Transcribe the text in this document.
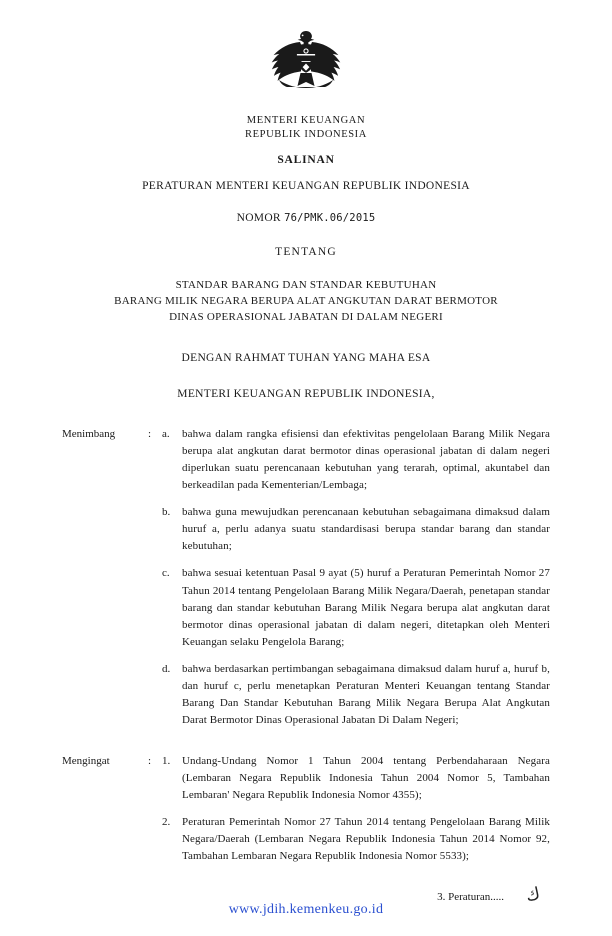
MENTERI KEUANGAN
REPUBLIK INDONESIA
SALINAN
PERATURAN MENTERI KEUANGAN REPUBLIK INDONESIA
NOMOR 76/PMK.06/2015
TENTANG
STANDAR BARANG DAN STANDAR KEBUTUHAN
BARANG MILIK NEGARA BERUPA ALAT ANGKUTAN DARAT BERMOTOR
DINAS OPERASIONAL JABATAN DI DALAM NEGERI
DENGAN RAHMAT TUHAN YANG MAHA ESA
MENTERI KEUANGAN REPUBLIK INDONESIA,
Menimbang	: a.	bahwa dalam rangka efisiensi dan efektivitas pengelolaan Barang Milik Negara berupa alat angkutan darat bermotor dinas operasional jabatan di dalam negeri diperlukan suatu perencanaan kebutuhan yang terarah, optimal, akuntabel dan berkeadilan pada Kementerian/Lembaga;
b.	bahwa guna mewujudkan perencanaan kebutuhan sebagaimana dimaksud dalam huruf a, perlu adanya suatu standardisasi berupa standar barang dan standar kebutuhan;
c.	bahwa sesuai ketentuan Pasal 9 ayat (5) huruf a Peraturan Pemerintah Nomor 27 Tahun 2014 tentang Pengelolaan Barang Milik Negara/Daerah, penetapan standar barang dan standar kebutuhan Barang Milik Negara berupa alat angkutan darat bermotor dinas operasional jabatan di dalam negeri, ditetapkan oleh Menteri Keuangan selaku Pengelola Barang;
d.	bahwa berdasarkan pertimbangan sebagaimana dimaksud dalam huruf a, huruf b, dan huruf c, perlu menetapkan Peraturan Menteri Keuangan tentang Standar Barang Dan Standar Kebutuhan Barang Milik Negara Berupa Alat Angkutan Darat Bermotor Dinas Operasional Jabatan Di Dalam Negeri;
Mengingat	: 1.	Undang-Undang Nomor 1 Tahun 2004 tentang Perbendaharaan Negara (Lembaran Negara Republik Indonesia Tahun 2004 Nomor 5, Tambahan Lembaran' Negara Republik Indonesia Nomor 4355);
2.	Peraturan Pemerintah Nomor 27 Tahun 2014 tentang Pengelolaan Barang Milik Negara/Daerah (Lembaran Negara Republik Indonesia Tahun 2014 Nomor 92, Tambahan Lembaran Negara Republik Indonesia Nomor 5533);
3. Peraturan..... ك
www.jdih.kemenkeu.go.id
